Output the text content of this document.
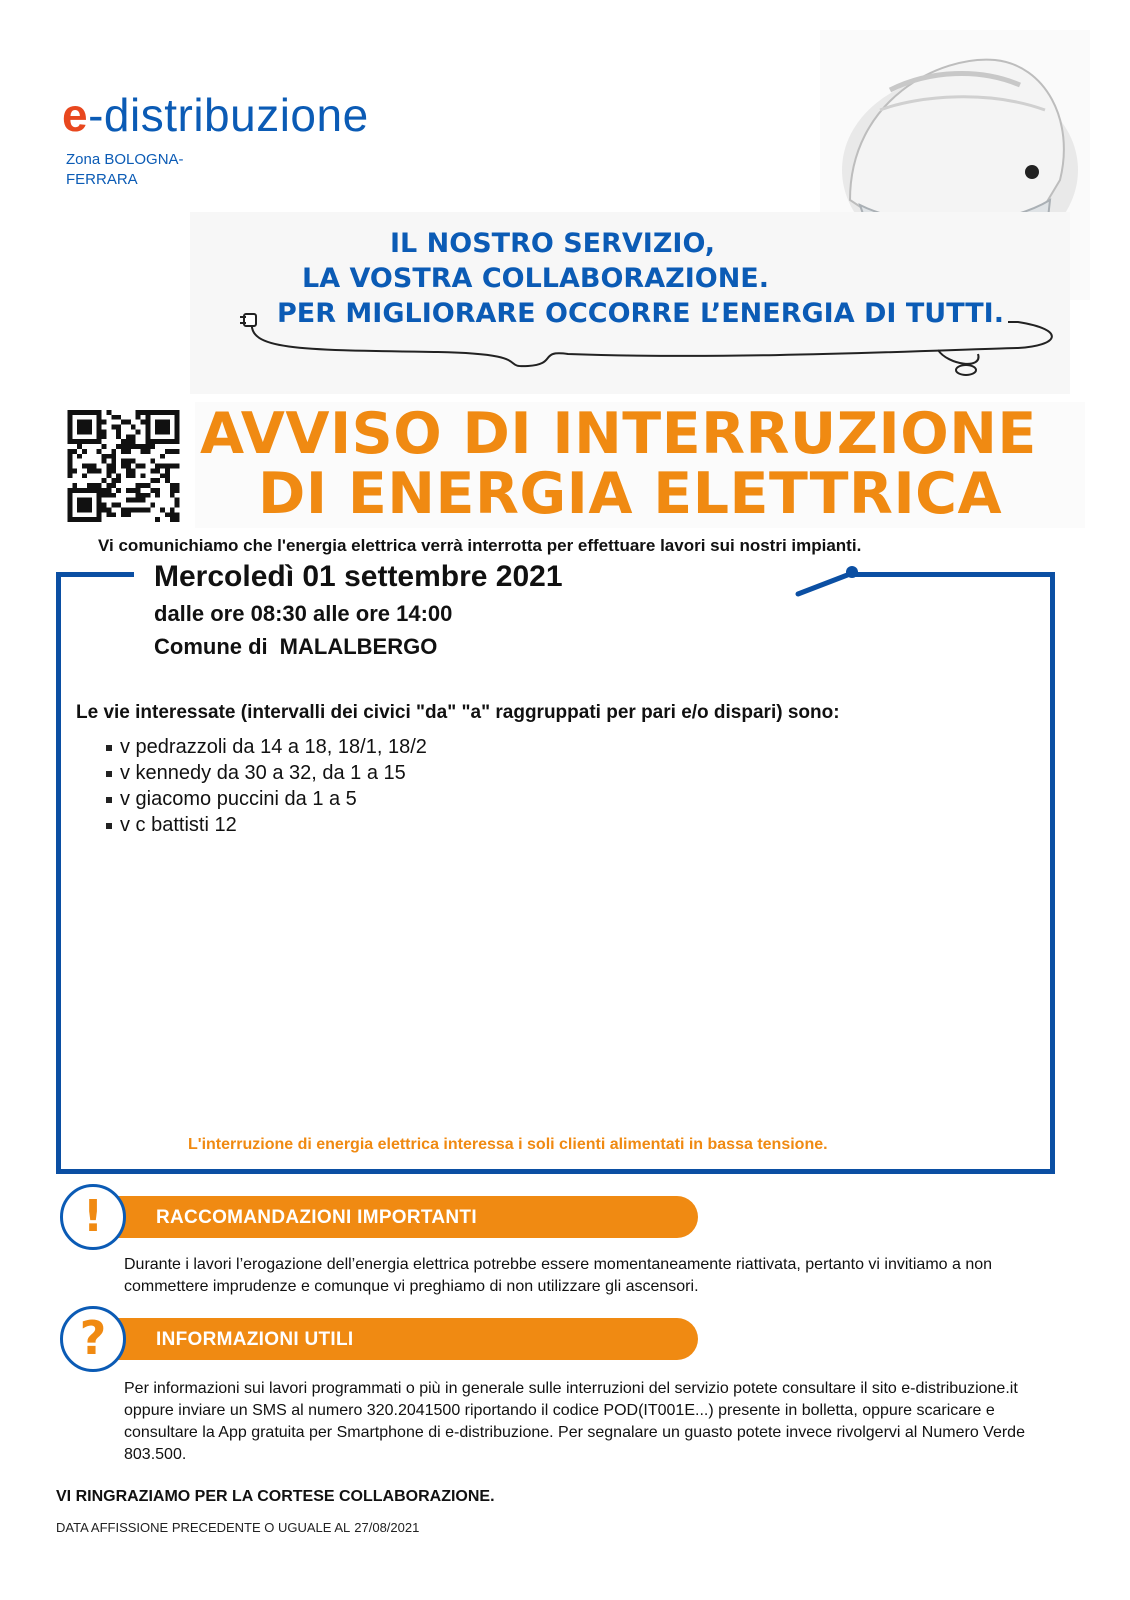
e-distribuzione
Zona BOLOGNA-FERRARA
IL NOSTRO SERVIZIO,
LA VOSTRA COLLABORAZIONE.
PER MIGLIORARE OCCORRE L’ENERGIA DI TUTTI.
AVVISO DI INTERRUZIONE
DI ENERGIA ELETTRICA
Vi comunichiamo che l'energia elettrica verrà interrotta per effettuare lavori sui nostri impianti.
Mercoledì 01 settembre 2021
dalle ore 08:30 alle ore 14:00
Comune di MALALBERGO
Le vie interessate (intervalli dei civici "da" "a" raggruppati per pari e/o dispari) sono:
v pedrazzoli da 14 a 18, 18/1, 18/2
v kennedy da 30 a 32, da 1 a 15
v giacomo puccini da 1 a 5
v c battisti 12
L'interruzione di energia elettrica interessa i soli clienti alimentati in bassa tensione.
RACCOMANDAZIONI IMPORTANTI
!
Durante i lavori l’erogazione dell’energia elettrica potrebbe essere momentaneamente riattivata, pertanto vi invitiamo a non commettere imprudenze e comunque vi preghiamo di non utilizzare gli ascensori.
INFORMAZIONI UTILI
?
Per informazioni sui lavori programmati o più in generale sulle interruzioni del servizio potete consultare il sito e-distribuzione.it oppure inviare un SMS al numero 320.2041500 riportando il codice POD(IT001E...) presente in bolletta, oppure scaricare e consultare la App gratuita per Smartphone di e-distribuzione. Per segnalare un guasto potete invece rivolgervi al Numero Verde 803.500.
VI RINGRAZIAMO PER LA CORTESE COLLABORAZIONE.
DATA AFFISSIONE PRECEDENTE O UGUALE AL 27/08/2021
